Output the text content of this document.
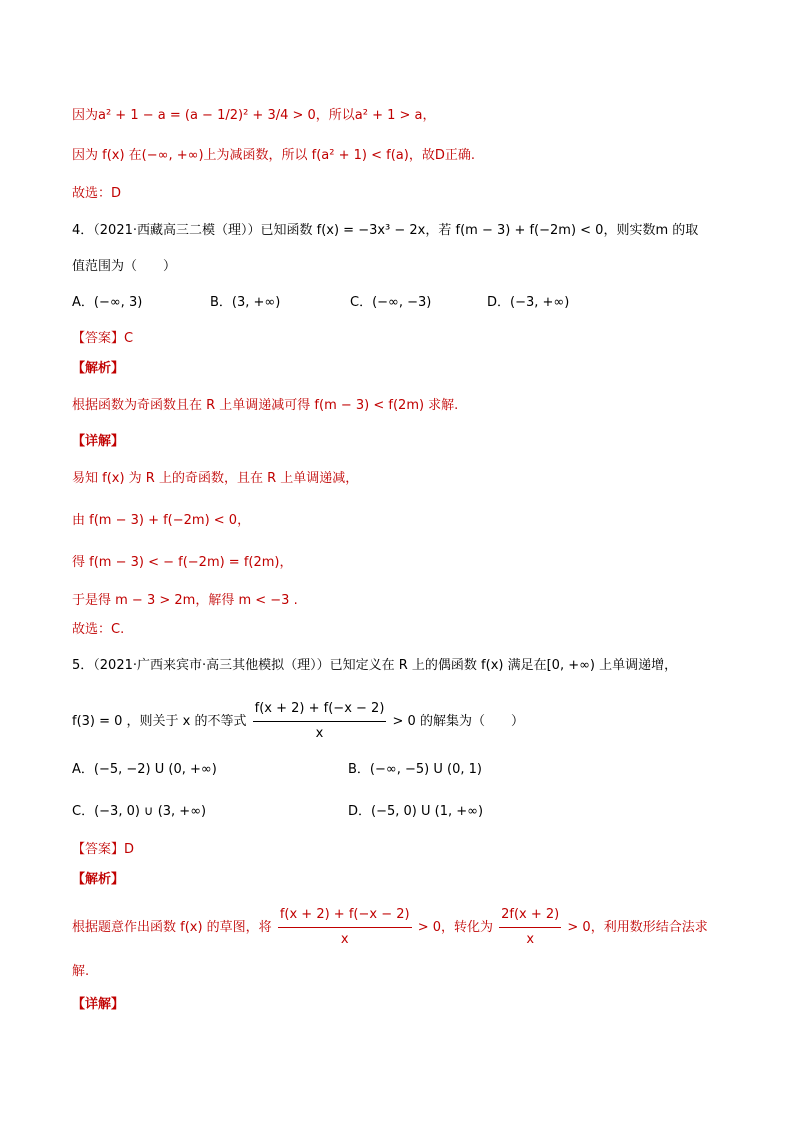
因为a² + 1 − a = (a − 1/2)² + 3/4 > 0，所以a² + 1 > a，
因为 f(x) 在(−∞, +∞)上为减函数，所以 f(a² + 1) < f(a)，故D正确.
故选：D
4．（2021·西藏高三二模（理））已知函数 f(x) = −3x³ − 2x，若 f(m − 3) + f(−2m) < 0，则实数m 的取
值范围为（　　）
A．(−∞, 3)	B．(3, +∞)	C．(−∞, −3)	D．(−3, +∞)
【答案】C
【解析】
根据函数为奇函数且在 R 上单调递减可得 f(m − 3) < f(2m) 求解.
【详解】
易知 f(x) 为 R 上的奇函数，且在 R 上单调递减，
由 f(m − 3) + f(−2m) < 0，
得 f(m − 3) < − f(−2m) = f(2m)，
于是得 m − 3 > 2m，解得 m < −3 .
故选：C.
5．（2021·广西来宾市·高三其他模拟（理））已知定义在 R 上的偶函数 f(x) 满足在[0, +∞) 上单调递增，
f(3) = 0 ，则关于 x 的不等式 $\frac{f(x + 2) + f(-x - 2)}{x} > 0$ 的解集为（　　）
A．(−5, −2) U (0, +∞)	B．(−∞, −5) U (0, 1)
C．(−3, 0) ∪ (3, +∞)	D．(−5, 0) U (1, +∞)
【答案】D
【解析】
根据题意作出函数 f(x) 的草图，将 $\frac{f(x + 2) + f(-x - 2)}{x} > 0$，转化为 $\frac{2f(x + 2)}{x} > 0$，利用数形结合法求
解.
【详解】
